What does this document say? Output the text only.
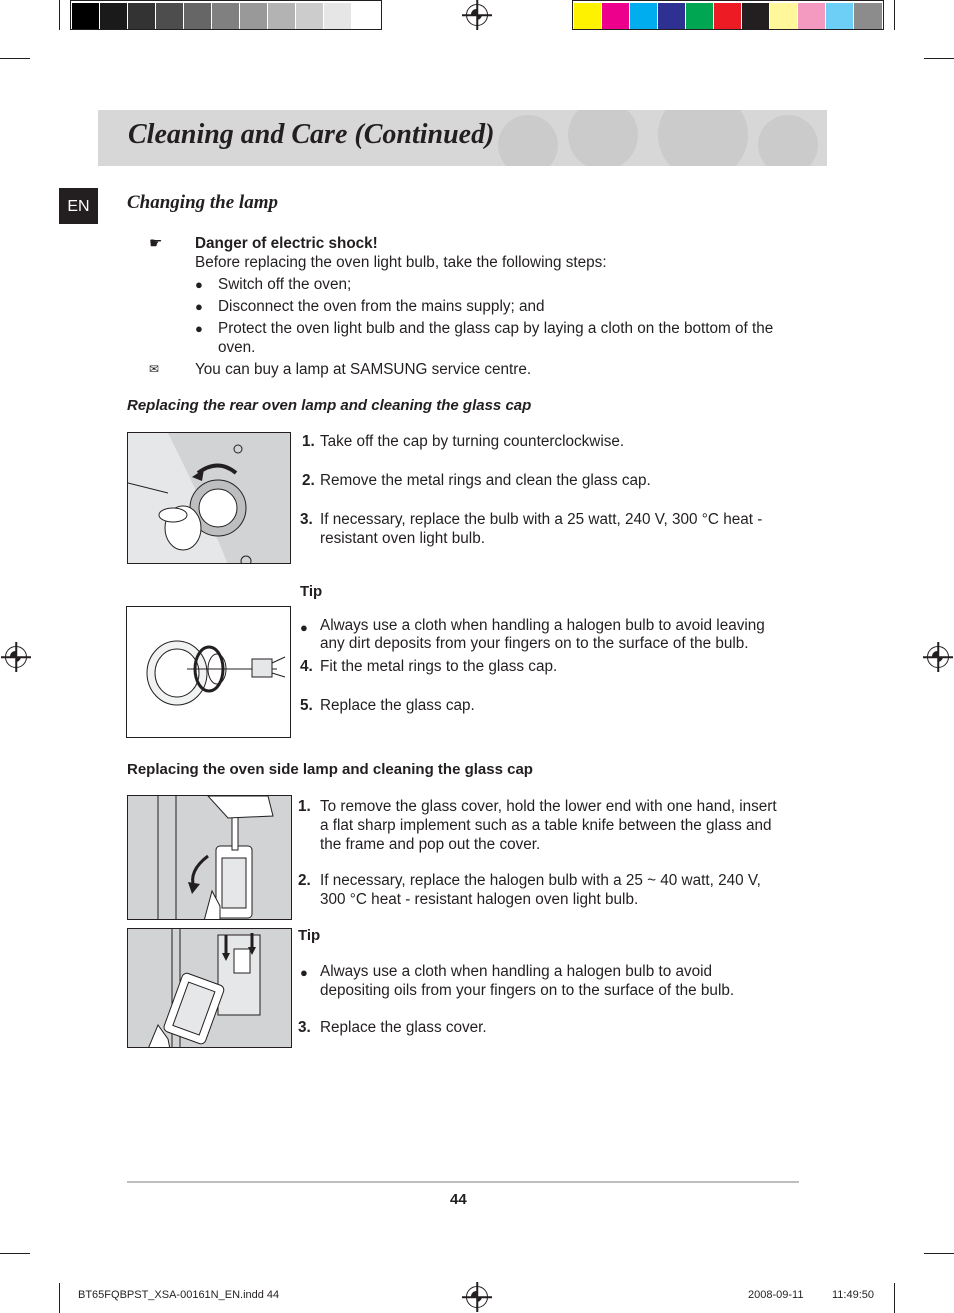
Cleaning and Care (Continued)
EN	Changing the lamp
☛ Danger of electric shock!
Before replacing the oven light bulb, take the following steps:
● Switch off the oven;
● Disconnect the oven from the mains supply; and
● Protect the oven light bulb and the glass cap by laying a cloth on the bottom of the oven.
✉ You can buy a lamp at SAMSUNG service centre.
Replacing the rear oven lamp and cleaning the glass cap
1. Take off the cap by turning counterclockwise.
2. Remove the metal rings and clean the glass cap.
3. If necessary, replace the bulb with a 25 watt, 240 V, 300 °C heat - resistant oven light bulb.
Tip
● Always use a cloth when handling a halogen bulb to avoid leaving any dirt deposits from your fingers on to the surface of the bulb.
4. Fit the metal rings to the glass cap.
5. Replace the glass cap.
Replacing the oven side lamp and cleaning the glass cap
1. To remove the glass cover, hold the lower end with one hand, insert a flat sharp implement such as a table knife between the glass and the frame and pop out the cover.
2. If necessary, replace the halogen bulb with a 25 ~ 40 watt, 240 V, 300 °C heat - resistant halogen oven light bulb.
Tip
● Always use a cloth when handling a halogen bulb to avoid depositing oils from your fingers on to the surface of the bulb.
3. Replace the glass cover.
44
BT65FQBPST_XSA-00161N_EN.indd 44	2008-09-11	11:49:50
